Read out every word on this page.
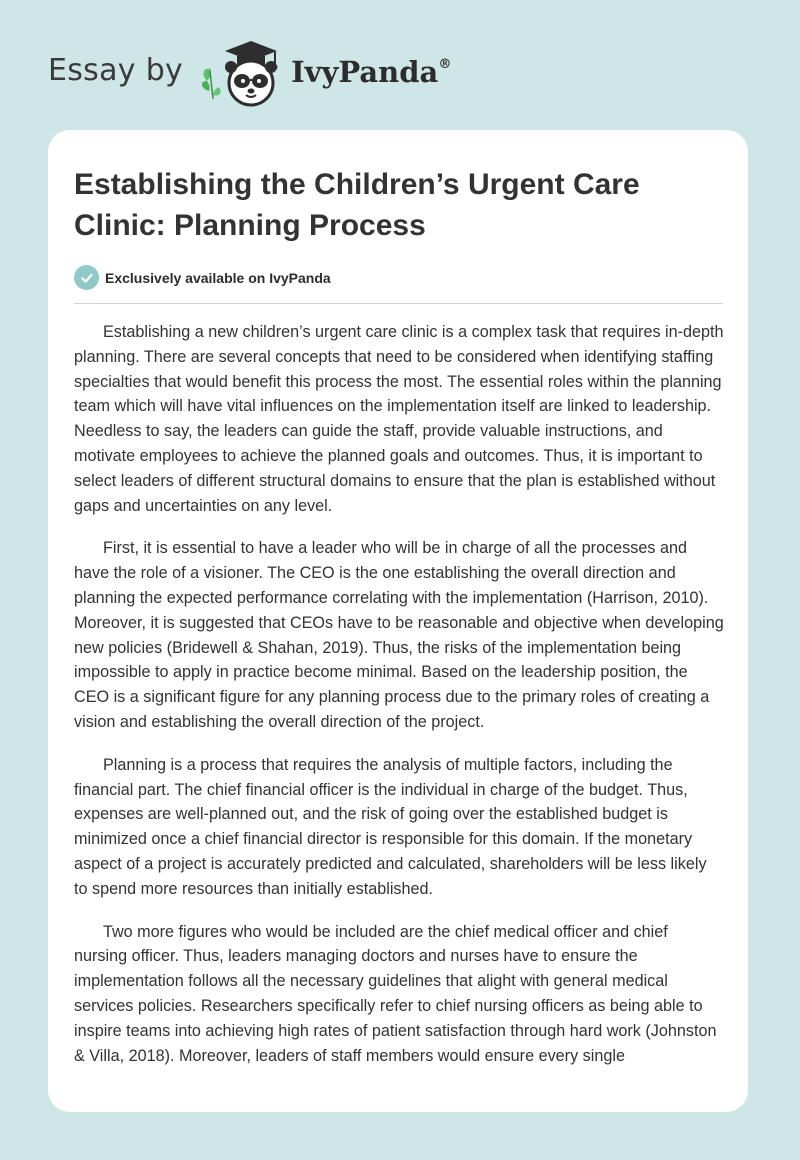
Essay by	IvyPanda®
Establishing the Children’s Urgent Care Clinic: Planning Process
Exclusively available on IvyPanda

Establishing a new children’s urgent care clinic is a complex task that requires in-depth planning. There are several concepts that need to be considered when identifying staffing specialties that would benefit this process the most. The essential roles within the planning team which will have vital influences on the implementation itself are linked to leadership. Needless to say, the leaders can guide the staff, provide valuable instructions, and motivate employees to achieve the planned goals and outcomes. Thus, it is important to select leaders of different structural domains to ensure that the plan is established without gaps and uncertainties on any level.

First, it is essential to have a leader who will be in charge of all the processes and have the role of a visioner. The CEO is the one establishing the overall direction and planning the expected performance correlating with the implementation (Harrison, 2010). Moreover, it is suggested that CEOs have to be reasonable and objective when developing new policies (Bridewell & Shahan, 2019). Thus, the risks of the implementation being impossible to apply in practice become minimal. Based on the leadership position, the CEO is a significant figure for any planning process due to the primary roles of creating a vision and establishing the overall direction of the project.

Planning is a process that requires the analysis of multiple factors, including the financial part. The chief financial officer is the individual in charge of the budget. Thus, expenses are well-planned out, and the risk of going over the established budget is minimized once a chief financial director is responsible for this domain. If the monetary aspect of a project is accurately predicted and calculated, shareholders will be less likely to spend more resources than initially established.

Two more figures who would be included are the chief medical officer and chief nursing officer. Thus, leaders managing doctors and nurses have to ensure the implementation follows all the necessary guidelines that alight with general medical services policies. Researchers specifically refer to chief nursing officers as being able to inspire teams into achieving high rates of patient satisfaction through hard work (Johnston & Villa, 2018). Moreover, leaders of staff members would ensure every single
